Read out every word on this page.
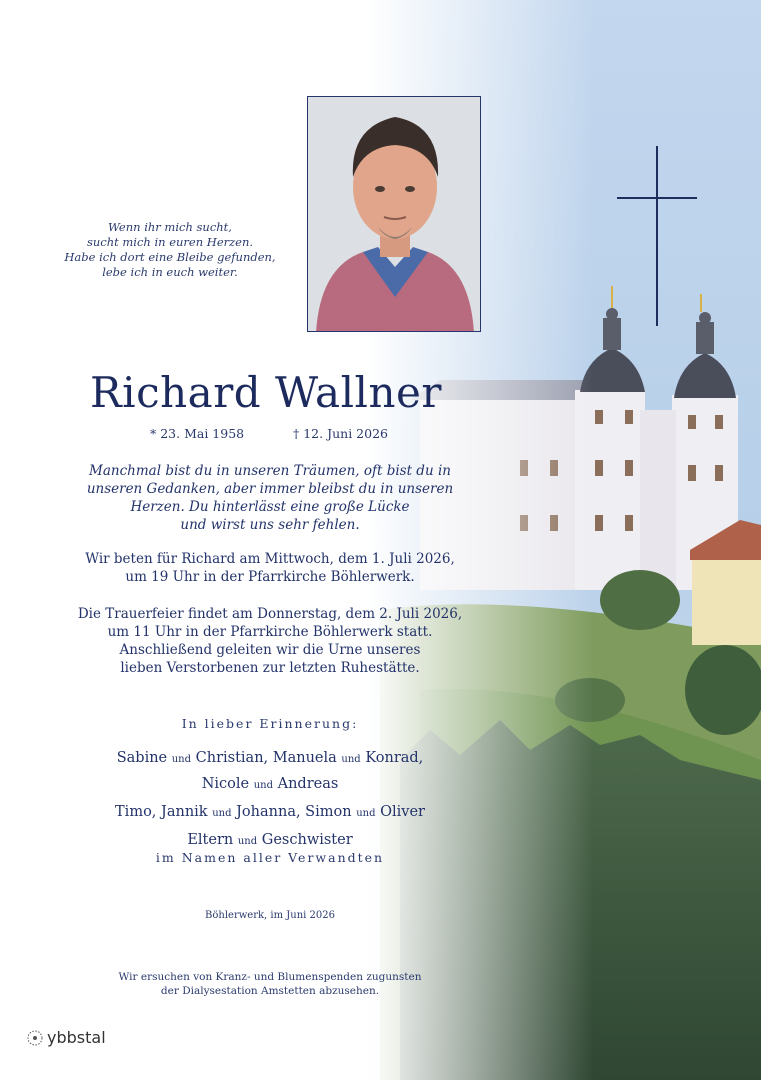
Wenn ihr mich sucht,
sucht mich in euren Herzen.
Habe ich dort eine Bleibe gefunden,
lebe ich in euch weiter.
Richard Wallner
* 23. Mai 1958	† 12. Juni 2026
Manchmal bist du in unseren Träumen, oft bist du in
unseren Gedanken, aber immer bleibst du in unseren
Herzen. Du hinterlässt eine große Lücke
und wirst uns sehr fehlen.
Wir beten für Richard am Mittwoch, dem 1. Juli 2026,
um 19 Uhr in der Pfarrkirche Böhlerwerk.
Die Trauerfeier findet am Donnerstag, dem 2. Juli 2026,
um 11 Uhr in der Pfarrkirche Böhlerwerk statt.
Anschließend geleiten wir die Urne unseres
lieben Verstorbenen zur letzten Ruhestätte.
In lieber Erinnerung:
Sabine und Christian, Manuela und Konrad,
Nicole und Andreas
Timo, Jannik und Johanna, Simon und Oliver
Eltern und Geschwister
im Namen aller Verwandten
Böhlerwerk, im Juni 2026
Wir ersuchen von Kranz- und Blumenspenden zugunsten
der Dialysestation Amstetten abzusehen.
ybbstal
